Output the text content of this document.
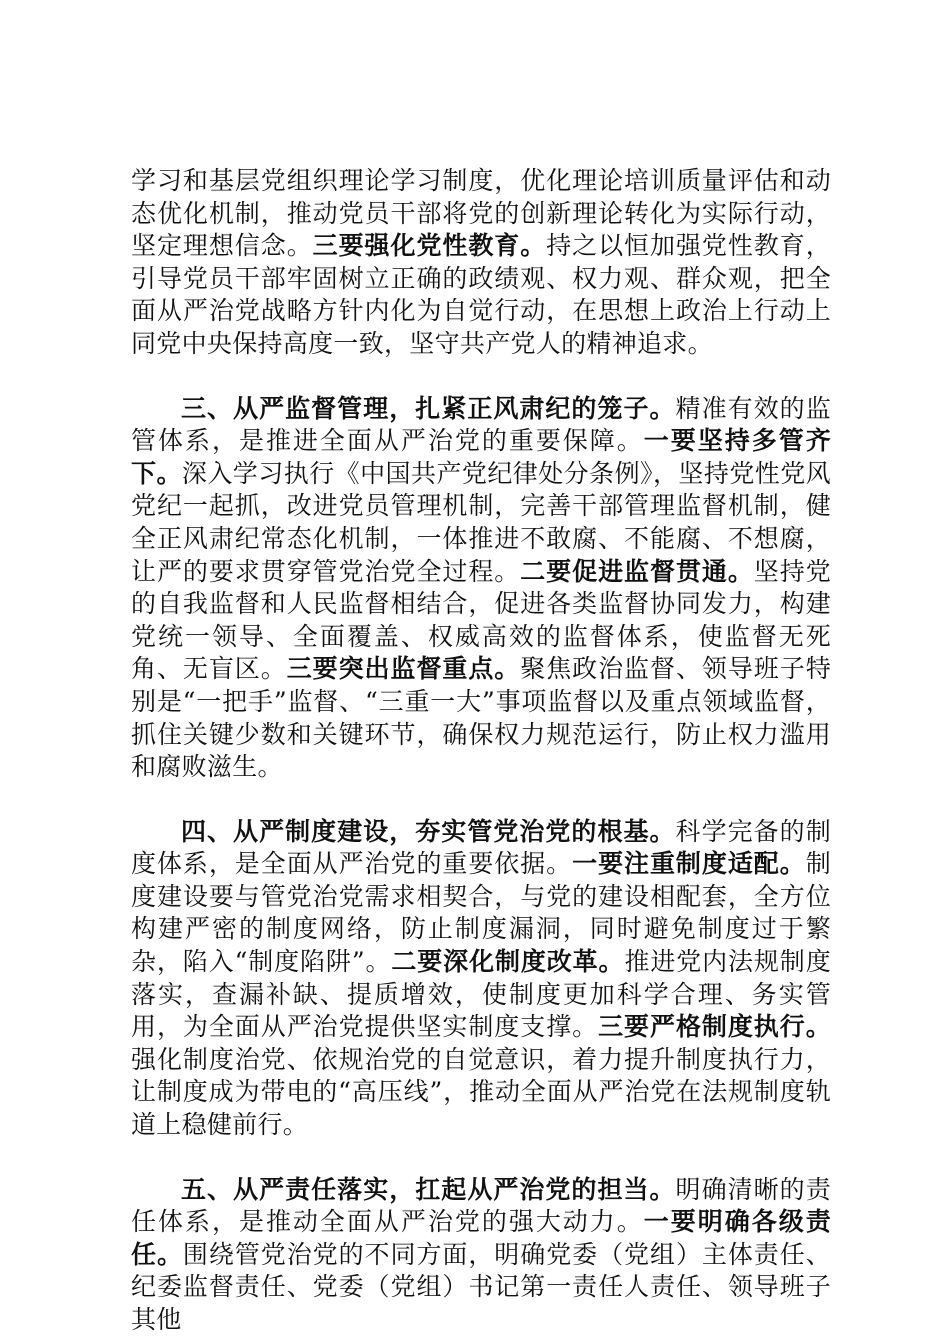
学习和基层党组织理论学习制度，优化理论培训质量评估和动态优化机制，推动党员干部将党的创新理论转化为实际行动，坚定理想信念。三要强化党性教育。持之以恒加强党性教育，引导党员干部牢固树立正确的政绩观、权力观、群众观，把全面从严治党战略方针内化为自觉行动，在思想上政治上行动上同党中央保持高度一致，坚守共产党人的精神追求。

三、从严监督管理，扎紧正风肃纪的笼子。精准有效的监管体系，是推进全面从严治党的重要保障。一要坚持多管齐下。深入学习执行《中国共产党纪律处分条例》，坚持党性党风党纪一起抓，改进党员管理机制，完善干部管理监督机制，健全正风肃纪常态化机制，一体推进不敢腐、不能腐、不想腐，让严的要求贯穿管党治党全过程。二要促进监督贯通。坚持党的自我监督和人民监督相结合，促进各类监督协同发力，构建党统一领导、全面覆盖、权威高效的监督体系，使监督无死角、无盲区。三要突出监督重点。聚焦政治监督、领导班子特别是“一把手”监督、“三重一大”事项监督以及重点领域监督，抓住关键少数和关键环节，确保权力规范运行，防止权力滥用和腐败滋生。

四、从严制度建设，夯实管党治党的根基。科学完备的制度体系，是全面从严治党的重要依据。一要注重制度适配。制度建设要与管党治党需求相契合，与党的建设相配套，全方位构建严密的制度网络，防止制度漏洞，同时避免制度过于繁杂，陷入“制度陷阱”。二要深化制度改革。推进党内法规制度落实，查漏补缺、提质增效，使制度更加科学合理、务实管用，为全面从严治党提供坚实制度支撑。三要严格制度执行。强化制度治党、依规治党的自觉意识，着力提升制度执行力，让制度成为带电的“高压线”，推动全面从严治党在法规制度轨道上稳健前行。

五、从严责任落实，扛起从严治党的担当。明确清晰的责任体系，是推动全面从严治党的强大动力。一要明确各级责任。围绕管党治党的不同方面，明确党委（党组）主体责任、纪委监督责任、党委（党组）书记第一责任人责任、领导班子其他
